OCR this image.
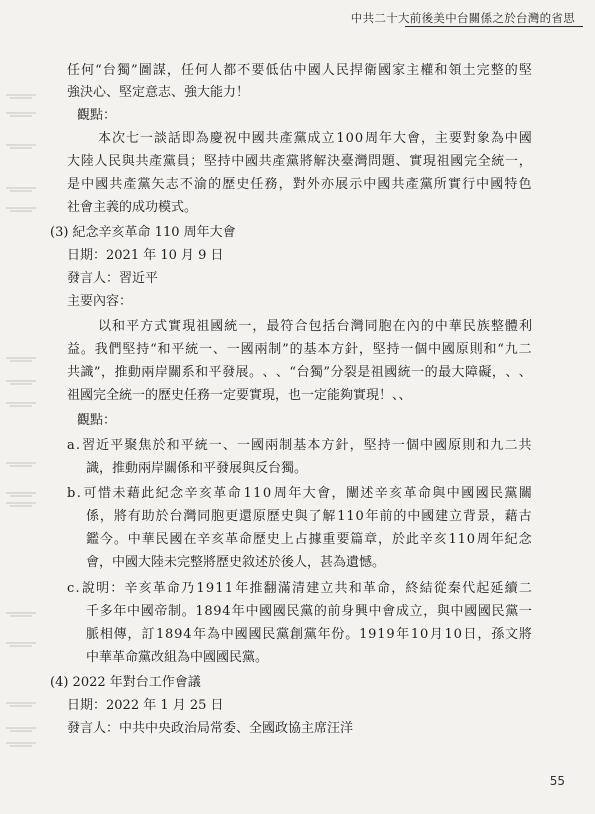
中共二十大前後美中台關係之於台灣的省思
任 何 “ 台 獨 ” 圖 謀 ， 任 何 人 都 不 要 低 估 中 國 人 民 捍 衛 國 家 主 權 和 領 土 完 整 的 堅
強決心、堅定意志、強大能力！
觀點：
本 次 七 一 談 話 即 為 慶 祝 中 國 共 產 黨 成 立 1 0 0 周 年 大 會 ， 主 要 對 象 為 中 國
大 陸 人 民 與 共 產 黨 員 ； 堅 持 中 國 共 產 黨 將 解 決 臺 灣 問 題 、 實 現 祖 國 完 全 統 一 ，
是 中 國 共 產 黨 矢 志 不 渝 的 歷 史 任 務 ， 對 外 亦 展 示 中 國 共 產 黨 所 實 行 中 國 特 色
社會主義的成功模式。
(3) 紀念辛亥革命 110 周年大會
日期：2021 年 10 月 9 日
發言人：習近平
主要內容：
以 和 平 方 式 實 現 祖 國 統 一 ， 最 符 合 包 括 台 灣 同 胞 在 內 的 中 華 民 族 整 體 利
益 。 我 們 堅 持 “ 和 平 統 一 、 一 國 兩 制 ” 的 基 本 方 針 ， 堅 持 一 個 中 國 原 則 和 “ 九 二
共 識 ” ， 推 動 兩 岸 關 系 和 平 發 展 。 、 、 “ 台 獨 ” 分 裂 是 祖 國 統 一 的 最 大 障 礙 ， 、 、
祖國完全統一的歷史任務一定要實現，也一定能夠實現！、、
觀點：
a . 習 近 平 聚 焦 於 和 平 統 一 、 一 國 兩 制 基 本 方 針 ， 堅 持 一 個 中 國 原 則 和 九 二 共
識，推動兩岸關係和平發展與反台獨。
b . 可 惜 未 藉 此 紀 念 辛 亥 革 命 1 1 0 周 年 大 會 ， 闡 述 辛 亥 革 命 與 中 國 國 民 黨 關
係 ， 將 有 助 於 台 灣 同 胞 更 還 原 歷 史 與 了 解 1 1 0 年 前 的 中 國 建 立 背 景 ， 藉 古
鑑 今 。 中 華 民 國 在 辛 亥 革 命 歷 史 上 占 據 重 要 篇 章 ， 於 此 辛 亥 1 1 0 周 年 紀 念
會，中國大陸未完整將歷史敘述於後人，甚為遺憾。
c . 說 明 ： 辛 亥 革 命 乃 1 9 1 1 年 推 翻 滿 清 建 立 共 和 革 命 ， 終 結 從 秦 代 起 延 續 二
千 多 年 中 國 帝 制 。 1 8 9 4 年 中 國 國 民 黨 的 前 身 興 中 會 成 立 ， 與 中 國 國 民 黨 一
脈 相 傳 ， 訂 1 8 9 4 年 為 中 國 國 民 黨 創 黨 年 份 。 1 9 1 9 年 1 0 月 1 0 日 ， 孫 文 將
中華革命黨改組為中國國民黨。
(4) 2022 年對台工作會議
日期：2022 年 1 月 25 日
發言人：中共中央政治局常委、全國政協主席汪洋
55
